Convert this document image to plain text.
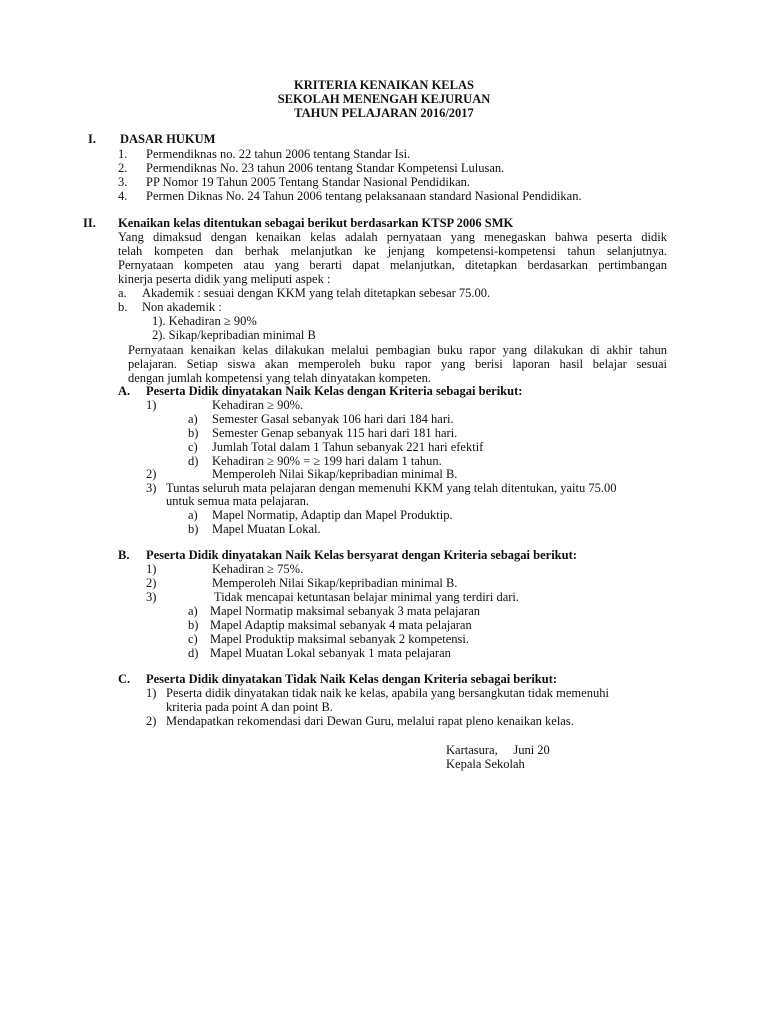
KRITERIA KENAIKAN KELAS
SEKOLAH MENENGAH KEJURUAN
TAHUN PELAJARAN 2016/2017
I. DASAR HUKUM
1. Permendiknas no. 22 tahun 2006 tentang Standar Isi.
2. Permendiknas No. 23 tahun 2006 tentang Standar Kompetensi Lulusan.
3. PP Nomor 19 Tahun 2005 Tentang Standar Nasional Pendidikan.
4. Permen Diknas No. 24 Tahun 2006 tentang pelaksanaan standard Nasional Pendidikan.
II. Kenaikan kelas ditentukan sebagai berikut berdasarkan KTSP 2006 SMK
Yang dimaksud dengan kenaikan kelas adalah pernyataan yang menegaskan bahwa peserta didik
telah kompeten dan berhak melanjutkan ke jenjang kompetensi-kompetensi tahun selanjutnya.
Pernyataan kompeten atau yang berarti dapat melanjutkan, ditetapkan berdasarkan pertimbangan
kinerja peserta didik yang meliputi aspek :
a. Akademik : sesuai dengan KKM yang telah ditetapkan sebesar 75.00.
b. Non akademik :
1). Kehadiran ≥ 90%
2). Sikap/kepribadian minimal B
Pernyataan kenaikan kelas dilakukan melalui pembagian buku rapor yang dilakukan di akhir tahun
pelajaran. Setiap siswa akan memperoleh buku rapor yang berisi laporan hasil belajar sesuai
dengan jumlah kompetensi yang telah dinyatakan kompeten.
A. Peserta Didik dinyatakan Naik Kelas dengan Kriteria sebagai berikut:
1)	Kehadiran ≥ 90%.
a) Semester Gasal sebanyak 106 hari dari 184 hari.
b) Semester Genap sebanyak 115 hari dari 181 hari.
c) Jumlah Total dalam 1 Tahun sebanyak 221 hari efektif
d) Kehadiran ≥ 90% = ≥ 199 hari dalam 1 tahun.
2)	Memperoleh Nilai Sikap/kepribadian minimal B.
3) Tuntas seluruh mata pelajaran dengan memenuhi KKM yang telah ditentukan, yaitu 75.00
untuk semua mata pelajaran.
a) Mapel Normatip, Adaptip dan Mapel Produktip.
b) Mapel Muatan Lokal.
B. Peserta Didik dinyatakan Naik Kelas bersyarat dengan Kriteria sebagai berikut:
1)	Kehadiran ≥ 75%.
2)	Memperoleh Nilai Sikap/kepribadian minimal B.
3)	Tidak mencapai ketuntasan belajar minimal yang terdiri dari.
a) Mapel Normatip maksimal sebanyak 3 mata pelajaran
b) Mapel Adaptip maksimal sebanyak 4 mata pelajaran
c) Mapel Produktip maksimal sebanyak 2 kompetensi.
d) Mapel Muatan Lokal sebanyak 1 mata pelajaran
C. Peserta Didik dinyatakan Tidak Naik Kelas dengan Kriteria sebagai berikut:
1) Peserta didik dinyatakan tidak naik ke kelas, apabila yang bersangkutan tidak memenuhi
kriteria pada point A dan point B.
2) Mendapatkan rekomendasi dari Dewan Guru, melalui rapat pleno kenaikan kelas.
Kartasura,     Juni 20
Kepala Sekolah
